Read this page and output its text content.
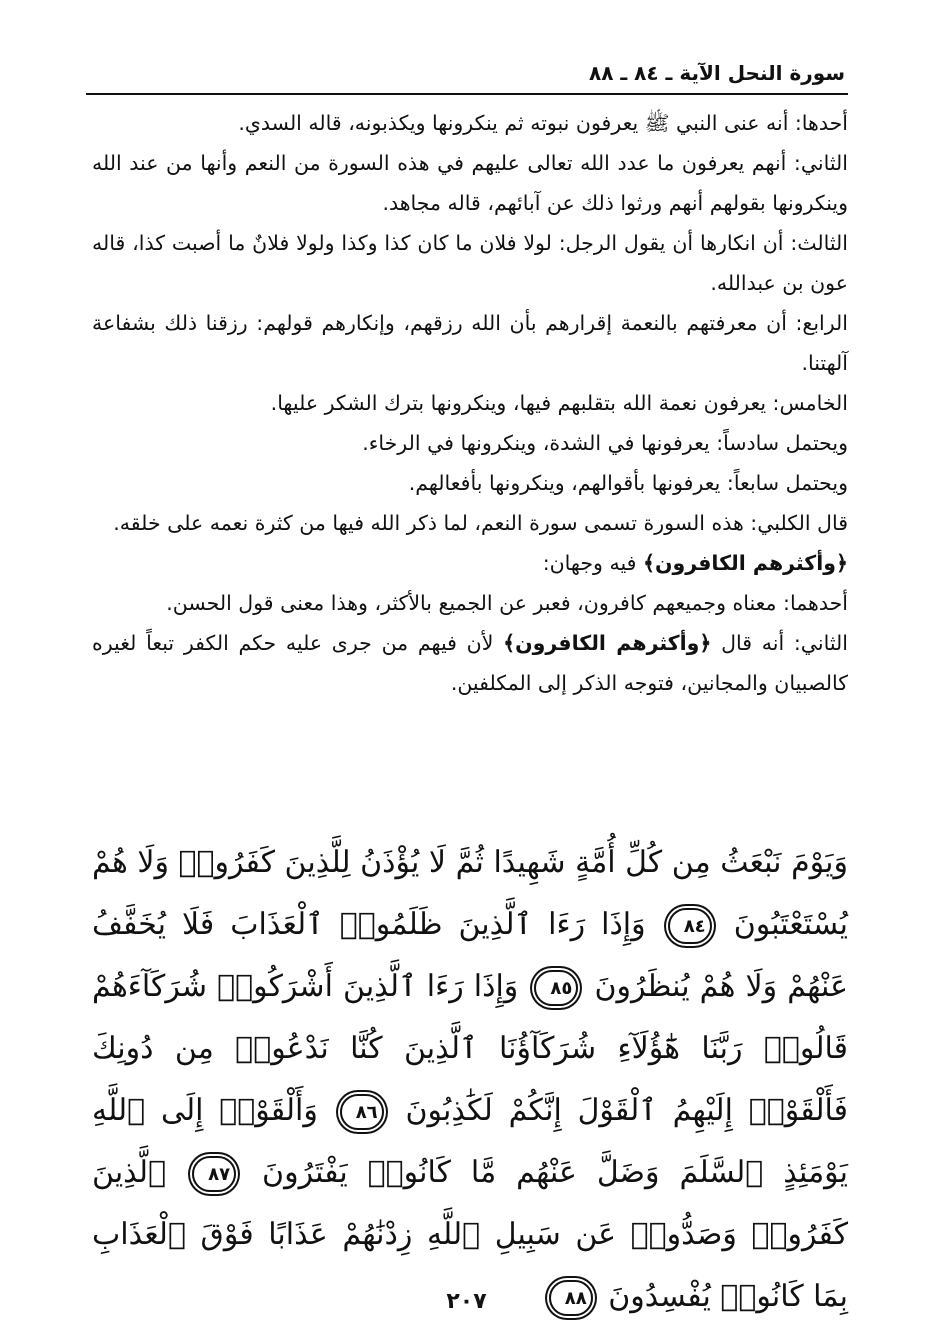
سورة النحل الآية ـ ٨٤ ـ ٨٨

أحدها: أنه عنى النبي ﷺ يعرفون نبوته ثم ينكرونها ويكذبونه، قاله السدي.

الثاني: أنهم يعرفون ما عدد الله تعالى عليهم في هذه السورة من النعم وأنها من عند الله وينكرونها بقولهم أنهم ورثوا ذلك عن آبائهم، قاله مجاهد.

الثالث: أن انكارها أن يقول الرجل: لولا فلان ما كان كذا وكذا ولولا فلانٌ ما أصبت كذا، قاله عون بن عبدالله.

الرابع: أن معرفتهم بالنعمة إقرارهم بأن الله رزقهم، وإنكارهم قولهم: رزقنا ذلك بشفاعة آلهتنا.

الخامس: يعرفون نعمة الله بتقلبهم فيها، وينكرونها بترك الشكر عليها.

ويحتمل سادساً: يعرفونها في الشدة، وينكرونها في الرخاء.

ويحتمل سابعاً: يعرفونها بأقوالهم، وينكرونها بأفعالهم.

قال الكلبي: هذه السورة تسمى سورة النعم، لما ذكر الله فيها من كثرة نعمه على خلقه.

﴿وأكثرهم الكافرون﴾ فيه وجهان:

أحدهما: معناه وجميعهم كافرون، فعبر عن الجميع بالأكثر، وهذا معنى قول الحسن.

الثاني: أنه قال ﴿وأكثرهم الكافرون﴾ لأن فيهم من جرى عليه حكم الكفر تبعاً لغيره كالصبيان والمجانين، فتوجه الذكر إلى المكلفين.

وَيَوْمَ نَبْعَثُ مِن كُلِّ أُمَّةٍ شَهِيدًا ثُمَّ لَا يُؤْذَنُ لِلَّذِينَ كَفَرُوا۟ وَلَا هُمْ يُسْتَعْتَبُونَ ٨٤ وَإِذَا رَءَا ٱلَّذِينَ ظَلَمُوا۟ ٱلْعَذَابَ فَلَا يُخَفَّفُ عَنْهُمْ وَلَا هُمْ يُنظَرُونَ ٨٥ وَإِذَا رَءَا ٱلَّذِينَ أَشْرَكُوا۟ شُرَكَآءَهُمْ قَالُوا۟ رَبَّنَا هَٰٓؤُلَآءِ شُرَكَآؤُنَا ٱلَّذِينَ كُنَّا نَدْعُوا۟ مِن دُونِكَ فَأَلْقَوْا۟ إِلَيْهِمُ ٱلْقَوْلَ إِنَّكُمْ لَكَٰذِبُونَ ٨٦ وَأَلْقَوْا۟ إِلَى ٱللَّهِ يَوْمَئِذٍ ٱلسَّلَمَ وَضَلَّ عَنْهُم مَّا كَانُوا۟ يَفْتَرُونَ ٨٧ ٱلَّذِينَ كَفَرُوا۟ وَصَدُّوا۟ عَن سَبِيلِ ٱللَّهِ زِدْنَٰهُمْ عَذَابًا فَوْقَ ٱلْعَذَابِ بِمَا كَانُوا۟ يُفْسِدُونَ ٨٨
٢٠٧
